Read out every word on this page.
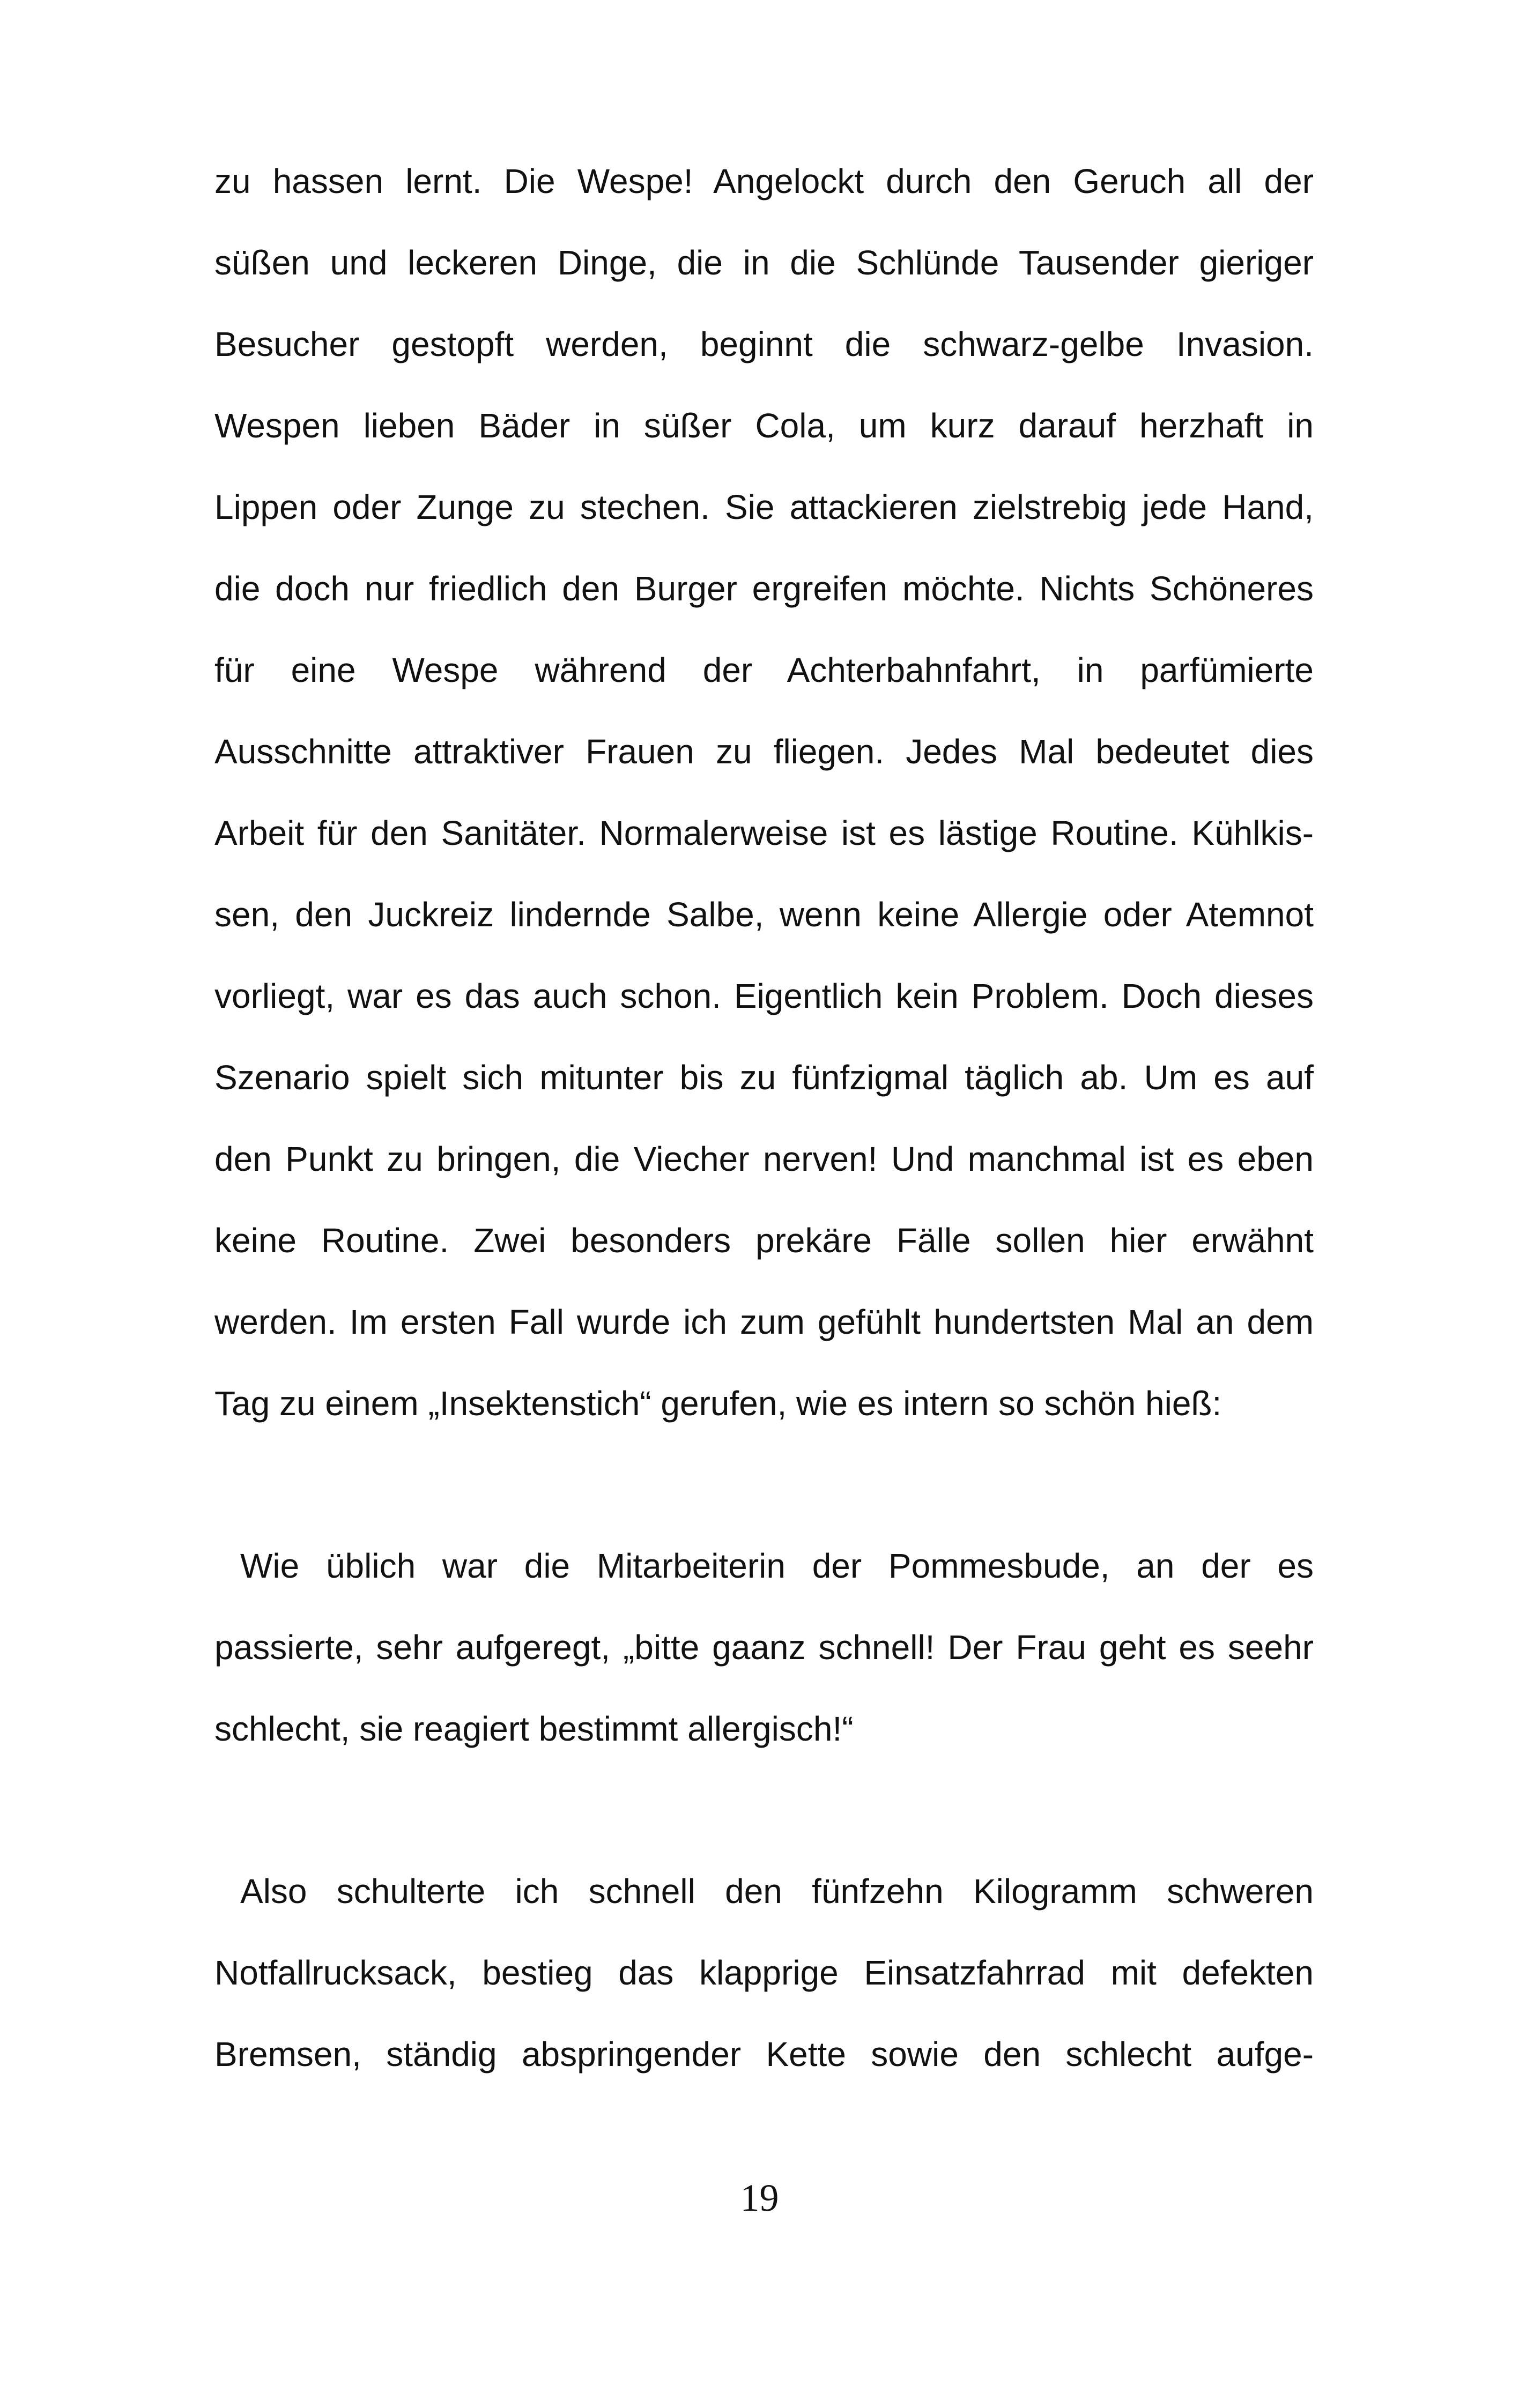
zu hassen lernt. Die Wespe! Angelockt durch den Geruch all der
süßen und leckeren Dinge, die in die Schlünde Tausender gieriger
Besucher gestopft werden, beginnt die schwarz-gelbe Invasion.
Wespen lieben Bäder in süßer Cola, um kurz darauf herzhaft in
Lippen oder Zunge zu stechen. Sie attackieren zielstrebig jede Hand,
die doch nur friedlich den Burger ergreifen möchte. Nichts Schöneres
für eine Wespe während der Achterbahnfahrt, in parfümierte
Ausschnitte attraktiver Frauen zu fliegen. Jedes Mal bedeutet dies
Arbeit für den Sanitäter. Normalerweise ist es lästige Routine. Kühlkis-
sen, den Juckreiz lindernde Salbe, wenn keine Allergie oder Atemnot
vorliegt, war es das auch schon. Eigentlich kein Problem. Doch dieses
Szenario spielt sich mitunter bis zu fünfzigmal täglich ab. Um es auf
den Punkt zu bringen, die Viecher nerven! Und manchmal ist es eben
keine Routine. Zwei besonders prekäre Fälle sollen hier erwähnt
werden. Im ersten Fall wurde ich zum gefühlt hundertsten Mal an dem
Tag zu einem „Insektenstich“ gerufen, wie es intern so schön hieß:
Wie üblich war die Mitarbeiterin der Pommesbude, an der es
passierte, sehr aufgeregt, „bitte gaanz schnell! Der Frau geht es seehr
schlecht, sie reagiert bestimmt allergisch!“
Also schulterte ich schnell den fünfzehn Kilogramm schweren
Notfallrucksack, bestieg das klapprige Einsatzfahrrad mit defekten
Bremsen, ständig abspringender Kette sowie den schlecht aufge-
19
